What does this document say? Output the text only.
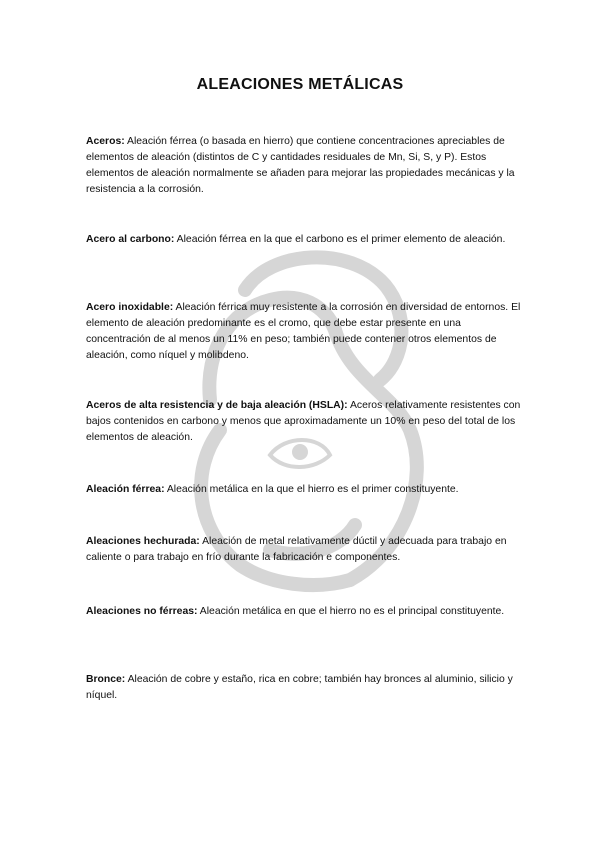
ALEACIONES METÁLICAS

Aceros: Aleación férrea (o basada en hierro) que contiene concentraciones apreciables de elementos de aleación (distintos de C y cantidades residuales de Mn, Si, S, y P). Estos elementos de aleación normalmente se añaden para mejorar las propiedades mecánicas y la resistencia a la corrosión.

Acero al carbono: Aleación férrea en la que el carbono es el primer elemento de aleación.

Acero inoxidable: Aleación férrica muy resistente a la corrosión en diversidad de entornos. El elemento de aleación predominante es el cromo, que debe estar presente en una concentración de al menos un 11% en peso; también puede contener otros elementos de aleación, como níquel y molibdeno.

Aceros de alta resistencia y de baja aleación (HSLA): Aceros relativamente resistentes con bajos contenidos en carbono y menos que aproximadamente un 10% en peso del total de los elementos de aleación.

Aleación férrea: Aleación metálica en la que el hierro es el primer constituyente.

Aleaciones hechurada: Aleación de metal relativamente dúctil y adecuada para trabajo en caliente o para trabajo en frío durante la fabricación e componentes.

Aleaciones no férreas: Aleación metálica en que el hierro no es el principal constituyente.

Bronce: Aleación de cobre y estaño, rica en cobre; también hay bronces al aluminio, silicio y níquel.
